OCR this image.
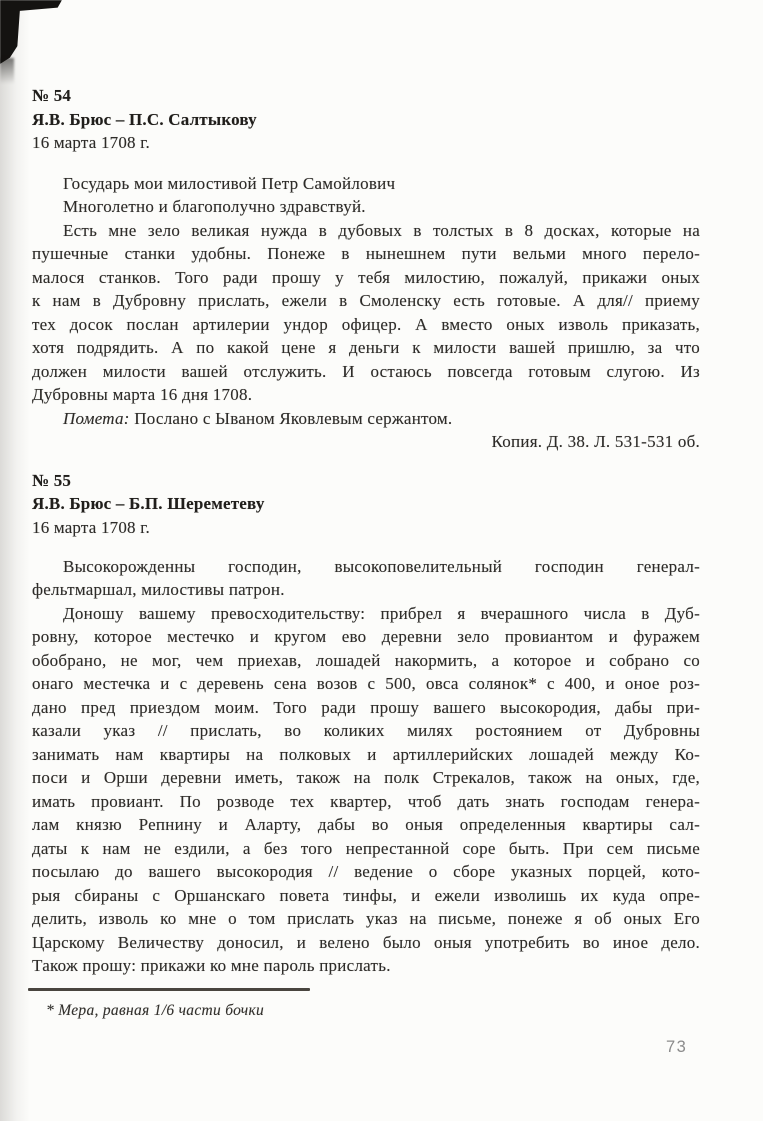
№ 54
Я.В. Брюс – П.С. Салтыкову
16 марта 1708 г.
Государь мои милостивой Петр Самойлович
Многолетно и благополучно здравствуй.
Есть мне зело великая нужда в дубовых в толстых в 8 досках, которые на
пушечные станки удобны. Понеже в нынешнем пути вельми много перело-
малося станков. Того ради прошу у тебя милостию, пожалуй, прикажи оных
к нам в Дубровну прислать, ежели в Смоленску есть готовые. А для// приему
тех досок послан артилерии ундор офицер. А вместо оных изволь приказать,
хотя подрядить. А по какой цене я деньги к милости вашей пришлю, за что
должен милости вашей отслужить. И остаюсь повсегда готовым слугою. Из
Дубровны марта 16 дня 1708.
Помета: Послано с Ываном Яковлевым сержантом.
Копия. Д. 38. Л. 531-531 об.
№ 55
Я.В. Брюс – Б.П. Шереметеву
16 марта 1708 г.
Высокорожденны господин, высокоповелительный господин генерал-
фельтмаршал, милостивы патрон.
Доношу вашему превосходительству: прибрел я вчерашного числа в Дуб-
ровну, которое местечко и кругом ево деревни зело провиантом и фуражем
обобрано, не мог, чем приехав, лошадей накормить, а которое и собрано со
онаго местечка и с деревень сена возов с 500, овса солянок* с 400, и оное роз-
дано пред приездом моим. Того ради прошу вашего высокородия, дабы при-
казали указ // прислать, во коликих милях ростоянием от Дубровны
занимать нам квартиры на полковых и артиллерийских лошадей между Ко-
поси и Орши деревни иметь, також на полк Стрекалов, також на оных, где,
имать провиант. По розводе тех квартер, чтоб дать знать господам генера-
лам князю Репнину и Аларту, дабы во оныя определенныя квартиры сал-
даты к нам не ездили, а без того непрестанной соре быть. При сем письме
посылаю до вашего высокородия // ведение о сборе указных порцей, кото-
рыя сбираны с Оршанскаго повета тинфы, и ежели изволишь их куда опре-
делить, изволь ко мне о том прислать указ на письме, понеже я об оных Его
Царскому Величеству доносил, и велено было оныя употребить во иное дело.
Також прошу: прикажи ко мне пароль прислать.
* Мера, равная 1/6 части бочки
73
